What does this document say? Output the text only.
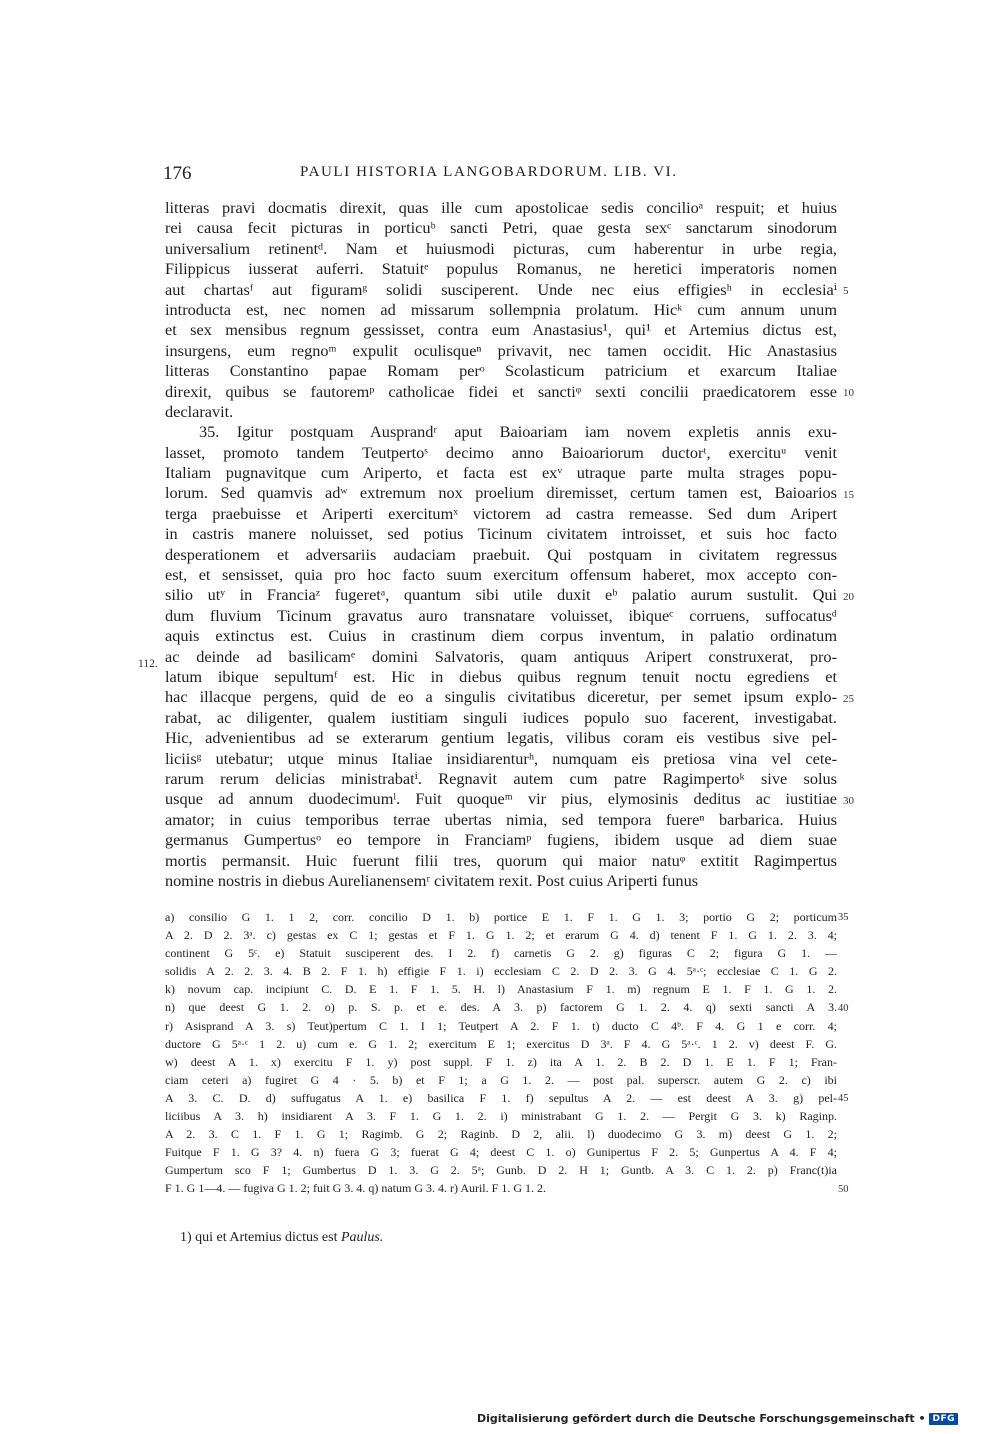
176	PAULI HISTORIA LANGOBARDORUM. LIB. VI.
litteras pravi docmatis direxit, quas ille cum apostolicae sedis concilioᵃ respuit; et huius
rei causa fecit picturas in porticuᵇ sancti Petri, quae gesta sexᶜ sanctarum sinodorum
universalium retinentᵈ. Nam et huiusmodi picturas, cum haberentur in urbe regia,
Filippicus iusserat auferri. Statuitᵉ populus Romanus, ne heretici imperatoris nomen
aut chartasᶠ aut figuramᵍ solidi susciperent. Unde nec eius effigiesʰ in ecclesiaⁱ
introducta est, nec nomen ad missarum sollempnia prolatum. Hicᵏ cum annum unum
et sex mensibus regnum gessisset, contra eum Anastasius¹, qui¹ et Artemius dictus est,
insurgens, eum regnoᵐ expulit oculisqueⁿ privavit, nec tamen occidit. Hic Anastasius
litteras Constantino papae Romam perᵒ Scolasticum patricium et exarcum Italiae
direxit, quibus se fautoremᵖ catholicae fidei et sanctiᵠ sexti concilii praedicatorem esse
declaravit.
35. Igitur postquam Ausprandʳ aput Baioariam iam novem expletis annis exu-
lasset, promoto tandem Teutpertoˢ decimo anno Baioariorum ductorᵗ, exercituᵘ venit
Italiam pugnavitque cum Ariperto, et facta est exᵛ utraque parte multa strages popu-
lorum. Sed quamvis adʷ extremum nox proelium diremisset, certum tamen est, Baioarios
terga praebuisse et Ariperti exercitumˣ victorem ad castra remeasse. Sed dum Aripert
in castris manere noluisset, sed potius Ticinum civitatem introisset, et suis hoc facto
desperationem et adversariis audaciam praebuit. Qui postquam in civitatem regressus
est, et sensisset, quia pro hoc facto suum exercitum offensum haberet, mox accepto con-
silio utʸ in Franciaᶻ fugeretᵃ, quantum sibi utile duxit eᵇ palatio aurum sustulit. Qui
dum fluvium Ticinum gravatus auro transnatare voluisset, ibiqueᶜ corruens, suffocatusᵈ
aquis extinctus est. Cuius in crastinum diem corpus inventum, in palatio ordinatum
ac deinde ad basilicamᵉ domini Salvatoris, quam antiquus Aripert construxerat, pro-
latum ibique sepultumᶠ est. Hic in diebus quibus regnum tenuit noctu egrediens et
hac illacque pergens, quid de eo a singulis civitatibus diceretur, per semet ipsum explo-
rabat, ac diligenter, qualem iustitiam singuli iudices populo suo facerent, investigabat.
Hic, advenientibus ad se exterarum gentium legatis, vilibus coram eis vestibus sive pel-
liciisᵍ utebatur; utque minus Italiae insidiarenturʰ, numquam eis pretiosa vina vel cete-
rarum rerum delicias ministrabatⁱ. Regnavit autem cum patre Ragimpertoᵏ sive solus
usque ad annum duodecimumˡ. Fuit quoqueᵐ vir pius, elymosinis deditus ac iustitiae
amator; in cuius temporibus terrae ubertas nimia, sed tempora fuereⁿ barbarica. Huius
germanus Gumpertusᵒ eo tempore in Franciamᵖ fugiens, ibidem usque ad diem suae
mortis permansit. Huic fuerunt filii tres, quorum qui maior natuᵠ extitit Ragimpertus
nomine nostris in diebus Aurelianensemʳ civitatem rexit. Post cuius Ariperti funus
112.
5
10
15
20
25
30
a) consilio G 1. 1 2, corr. concilio D 1. b) portice E 1. F 1. G 1. 3; portio G 2; porticum
A 2. D 2. 3ᵃ. c) gestas ex C 1; gestas et F 1. G 1. 2; et erarum G 4. d) tenent F 1. G 1. 2. 3. 4;
continent G 5ᶜ. e) Statuit susciperent des. I 2. f) carnetis G 2. g) figuras C 2; figura G 1. —
solidis A 2. 2. 3. 4. B 2. F 1. h) effigie F 1. i) ecclesiam C 2. D 2. 3. G 4. 5ᵃ·ᶜ; ecclesiae C 1. G 2.
k) novum cap. incipiunt C. D. E 1. F 1. 5. H. l) Anastasium F 1. m) regnum E 1. F 1. G 1. 2.
n) que deest G 1. 2. o) p. S. p. et e. des. A 3. p) factorem G 1. 2. 4. q) sexti sancti A 3.
r) Asisprand A 3. s) Teut)pertum C 1. I 1; Teutpert A 2. F 1. t) ducto C 4ᵇ. F 4. G 1 e corr. 4;
ductore G 5ᵃ·ᶜ 1 2. u) cum e. G 1. 2; exercitum E 1; exercitus D 3ᵃ. F 4. G 5ᵃ·ᶜ. 1 2. v) deest F. G.
w) deest A 1. x) exercitu F 1. y) post suppl. F 1. z) ita A 1. 2. B 2. D 1. E 1. F 1; Fran-
ciam ceteri a) fugiret G 4 · 5. b) et F 1; a G 1. 2. — post pal. superscr. autem G 2. c) ibi
A 3. C. D. d) suffugatus A 1. e) basilica F 1. f) sepultus A 2. — est deest A 3. g) pel-
liciibus A 3. h) insidiarent A 3. F 1. G 1. 2. i) ministrabant G 1. 2. — Pergit G 3. k) Raginp.
A 2. 3. C 1. F 1. G 1; Ragimb. G 2; Raginb. D 2, alii. l) duodecimo G 3. m) deest G 1. 2;
Fuitque F 1. G 3? 4. n) fuera G 3; fuerat G 4; deest C 1. o) Gunipertus F 2. 5; Gunpertus A 4. F 4;
Gumpertum sco F 1; Gumbertus D 1. 3. G 2. 5ᵃ; Gunb. D 2. H 1; Guntb. A 3. C 1. 2. p) Franc(t)ia
F 1. G 1—4. — fugiva G 1. 2; fuit G 3. 4. q) natum G 3. 4. r) Auril. F 1. G 1. 2.
35
40
45
50
1) qui et Artemius dictus est Paulus.
Digitalisierung gefördert durch die Deutsche Forschungsgemeinschaft • DFG
